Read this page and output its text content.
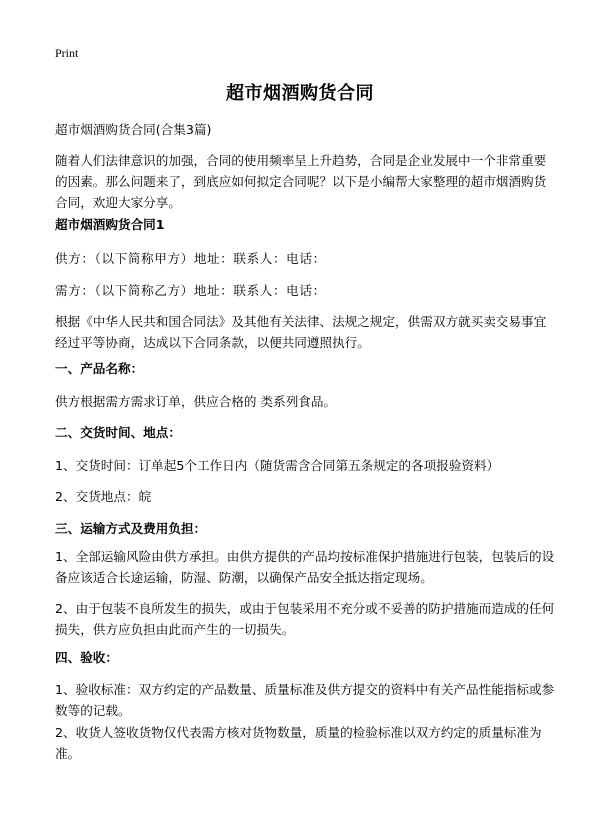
Print
超市烟酒购货合同

超市烟酒购货合同(合集3篇)

随着人们法律意识的加强，合同的使用频率呈上升趋势，合同是企业发展中一个非常重要的因素。那么问题来了，到底应如何拟定合同呢？以下是小编帮大家整理的超市烟酒购货合同，欢迎大家分享。

超市烟酒购货合同1

供方：（以下简称甲方）地址：联系人：电话：

需方：（以下简称乙方）地址：联系人：电话：

根据《中华人民共和国合同法》及其他有关法律、法规之规定，供需双方就买卖交易事宜经过平等协商，达成以下合同条款，以便共同遵照执行。

一、产品名称：

供方根据需方需求订单，供应合格的 类系列食品。

二、交货时间、地点：

1、交货时间：订单起5个工作日内（随货需含合同第五条规定的各项报验资料）

2、交货地点：皖

三、运输方式及费用负担：

1、全部运输风险由供方承担。由供方提供的产品均按标准保护措施进行包装，包装后的设备应该适合长途运输，防湿、防潮，以确保产品安全抵达指定现场。

2、由于包装不良所发生的损失，或由于包装采用不充分或不妥善的防护措施而造成的任何损失，供方应负担由此而产生的一切损失。

四、验收：

1、验收标准：双方约定的产品数量、质量标准及供方提交的资料中有关产品性能指标或参数等的记载。

2、收货人签收货物仅代表需方核对货物数量，质量的检验标准以双方约定的质量标准为准。
